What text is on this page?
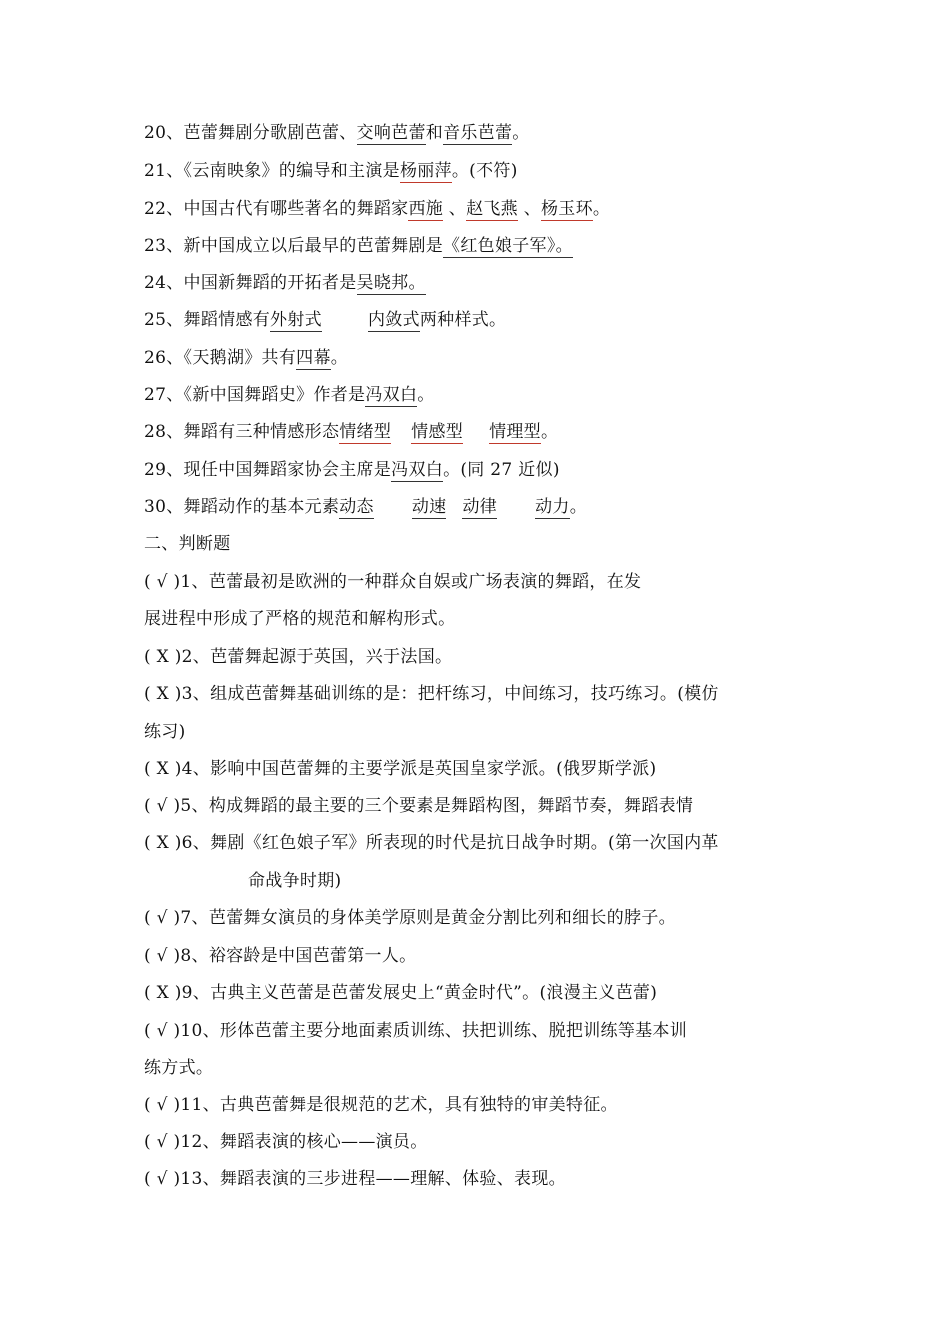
20、芭蕾舞剧分歌剧芭蕾、交响芭蕾和音乐芭蕾。
21、《云南映象》的编导和主演是杨丽萍。(不符)
22、中国古代有哪些著名的舞蹈家西施 、赵飞燕 、杨玉环。
23、新中国成立以后最早的芭蕾舞剧是《红色娘子军》。
24、中国新舞蹈的开拓者是吴晓邦。
25、舞蹈情感有外射式	内敛式两种样式。
26、《天鹅湖》共有四幕。
27、《新中国舞蹈史》作者是冯双白。
28、舞蹈有三种情感形态情绪型情感型情理型。
29、现任中国舞蹈家协会主席是冯双白。(同 27 近似)
30、舞蹈动作的基本元素动态 动速动律 动力。
二、判断题
( √ )1、芭蕾最初是欧洲的一种群众自娱或广场表演的舞蹈，在发
展进程中形成了严格的规范和解构形式。
( X )2、芭蕾舞起源于英国，兴于法国。
( X )3、组成芭蕾舞基础训练的是：把杆练习，中间练习，技巧练习。(模仿
练习)
( X )4、影响中国芭蕾舞的主要学派是英国皇家学派。(俄罗斯学派)
( √ )5、构成舞蹈的最主要的三个要素是舞蹈构图，舞蹈节奏，舞蹈表情
( X )6、舞剧《红色娘子军》所表现的时代是抗日战争时期。(第一次国内革
命战争时期)
( √ )7、芭蕾舞女演员的身体美学原则是黄金分割比列和细长的脖子。
( √ )8、裕容龄是中国芭蕾第一人。
( X )9、古典主义芭蕾是芭蕾发展史上“黄金时代”。(浪漫主义芭蕾)
( √ )10、形体芭蕾主要分地面素质训练、扶把训练、脱把训练等基本训
练方式。
( √ )11、古典芭蕾舞是很规范的艺术，具有独特的审美特征。
( √ )12、舞蹈表演的核心——演员。
( √ )13、舞蹈表演的三步进程——理解、体验、表现。
